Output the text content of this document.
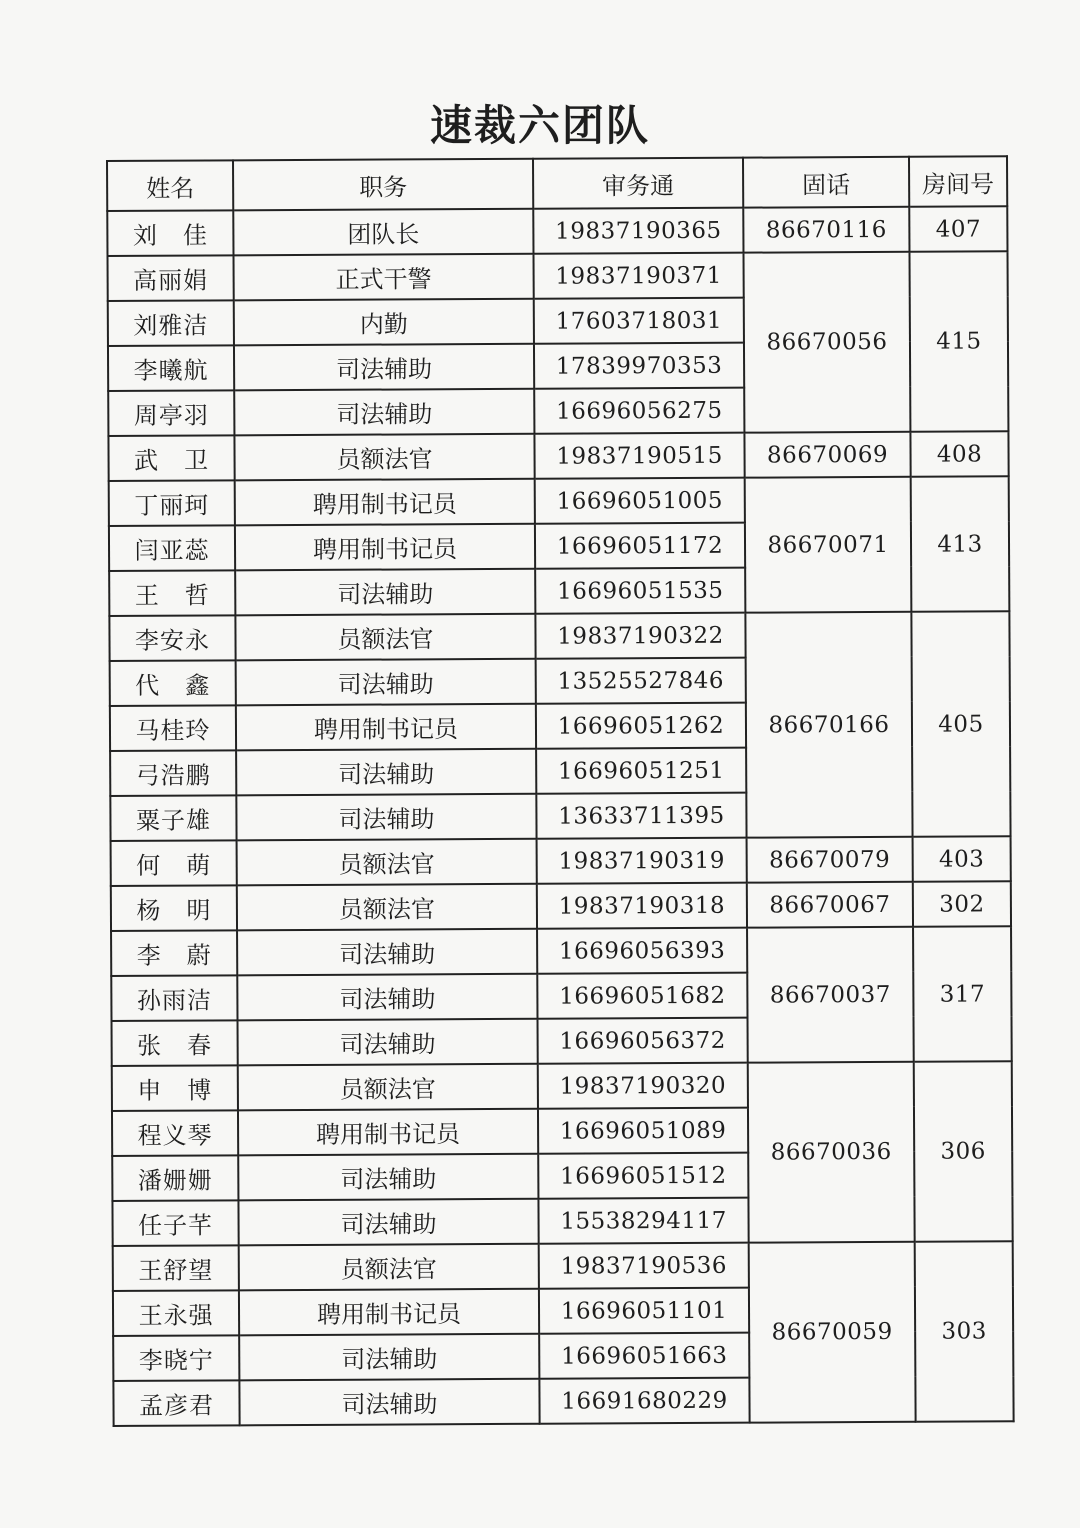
速裁六团队
姓名	职务	审务通	固话	房间号
刘　佳	团队长	19837190365	86670116	407
高丽娟	正式干警	19837190371	86670056	415
刘雅洁	内勤	17603718031		
李曦航	司法辅助	17839970353		
周亭羽	司法辅助	16696056275		
武　卫	员额法官	19837190515	86670069	408
丁丽珂	聘用制书记员	16696051005	86670071	413
闫亚蕊	聘用制书记员	16696051172		
王　哲	司法辅助	16696051535		
李安永	员额法官	19837190322	86670166	405
代　鑫	司法辅助	13525527846		
马桂玲	聘用制书记员	16696051262		
弓浩鹏	司法辅助	16696051251		
粟子雄	司法辅助	13633711395		
何　萌	员额法官	19837190319	86670079	403
杨　明	员额法官	19837190318	86670067	302
李　蔚	司法辅助	16696056393	86670037	317
孙雨洁	司法辅助	16696051682		
张　春	司法辅助	16696056372		
申　博	员额法官	19837190320	86670036	306
程义琴	聘用制书记员	16696051089		
潘姗姗	司法辅助	16696051512		
任子芊	司法辅助	15538294117		
王舒望	员额法官	19837190536	86670059	303
王永强	聘用制书记员	16696051101		
李晓宁	司法辅助	16696051663		
孟彦君	司法辅助	16691680229		
